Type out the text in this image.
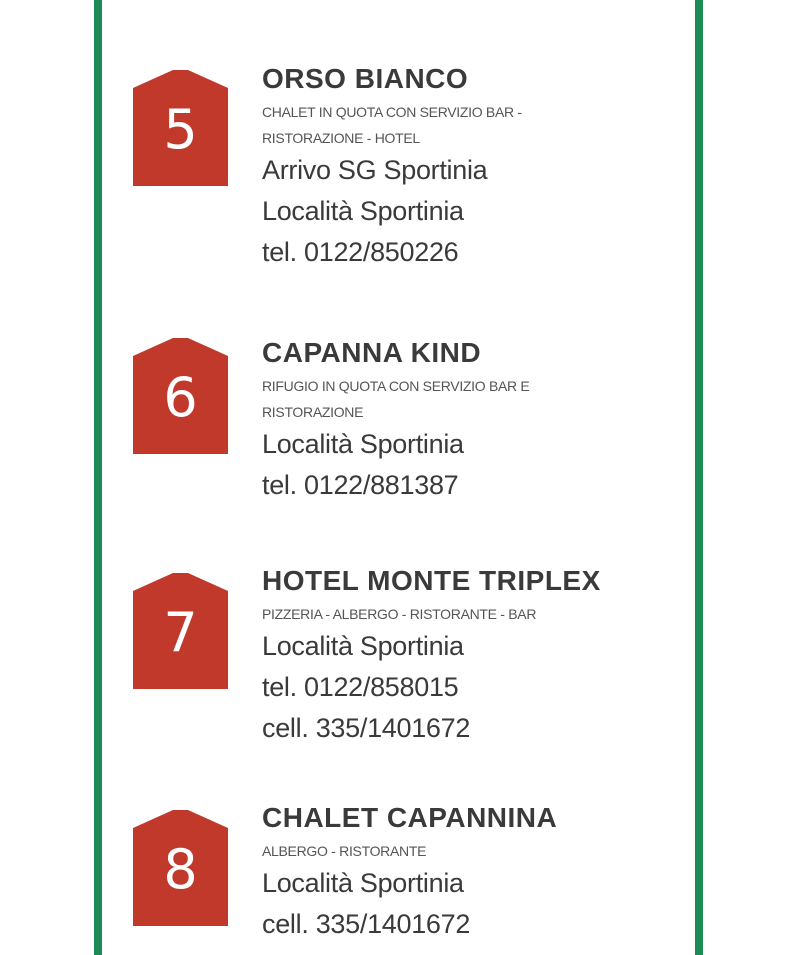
5
ORSO BIANCO
CHALET IN QUOTA CON SERVIZIO BAR -
RISTORAZIONE - HOTEL
Arrivo SG Sportinia
Località Sportinia
tel. 0122/850226
6
CAPANNA KIND
RIFUGIO IN QUOTA CON SERVIZIO BAR E
RISTORAZIONE
Località Sportinia
tel. 0122/881387
7
HOTEL MONTE TRIPLEX
PIZZERIA - ALBERGO - RISTORANTE - BAR
Località Sportinia
tel. 0122/858015
cell. 335/1401672
8
CHALET CAPANNINA
ALBERGO - RISTORANTE
Località Sportinia
cell. 335/1401672
